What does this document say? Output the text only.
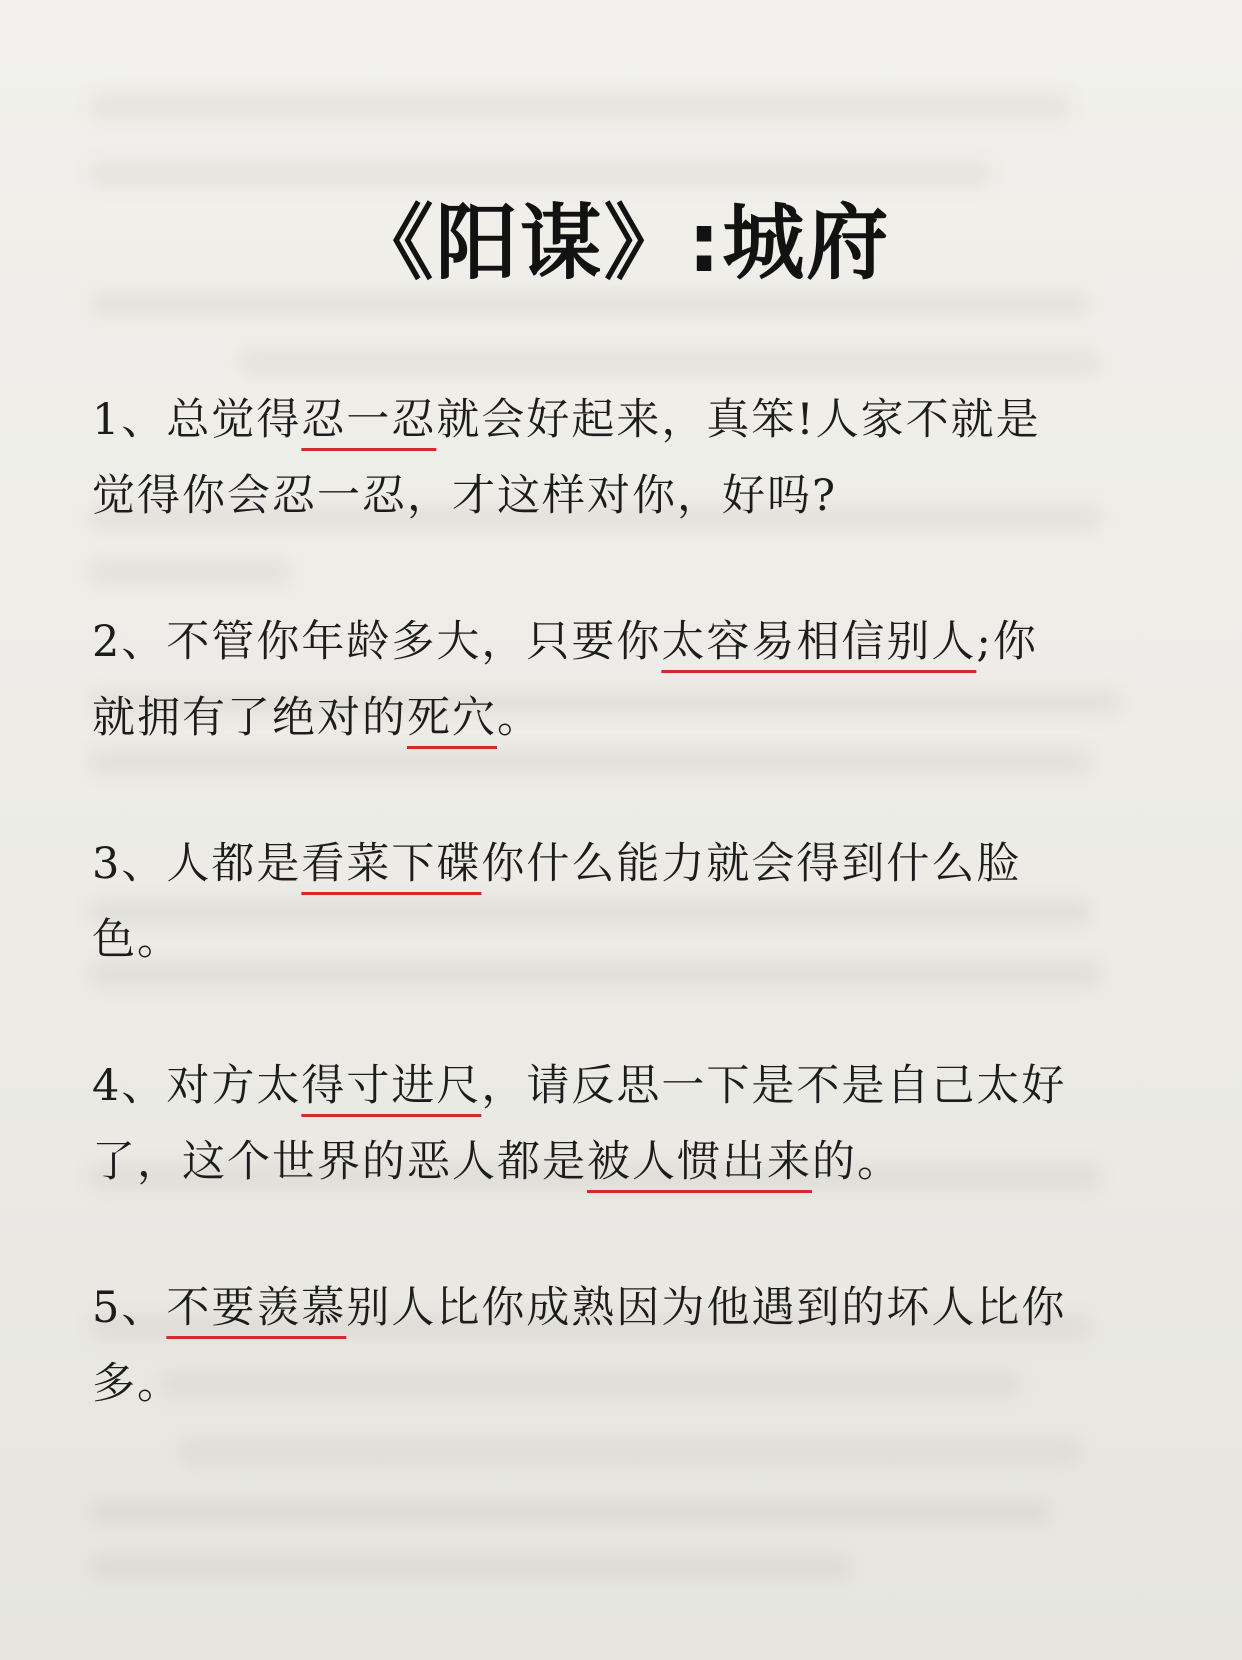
《阳谋》:城府

1、总觉得忍一忍就会好起来，真笨!人家不就是
觉得你会忍一忍，才这样对你，好吗?

2、不管你年龄多大，只要你太容易相信别人;你
就拥有了绝对的死穴。

3、人都是看菜下碟你什么能力就会得到什么脸
色。

4、对方太得寸进尺，请反思一下是不是自己太好
了，这个世界的恶人都是被人惯出来的。

5、不要羡慕别人比你成熟因为他遇到的坏人比你
多。
